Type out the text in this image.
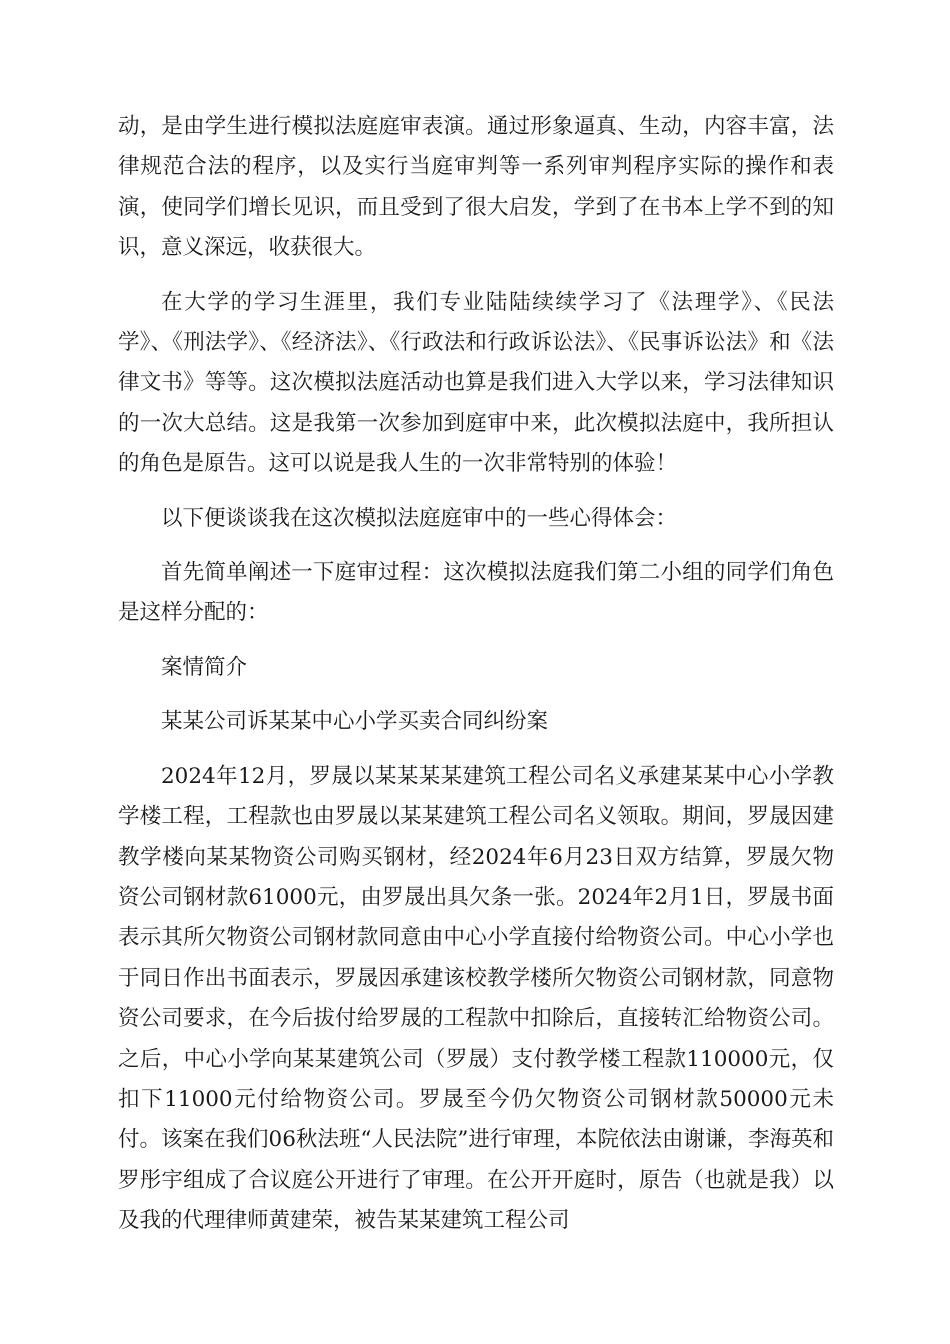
动，是由学生进行模拟法庭庭审表演。通过形象逼真、生动，内容丰富，法律规范合法的程序，以及实行当庭审判等一系列审判程序实际的操作和表演，使同学们增长见识，而且受到了很大启发，学到了在书本上学不到的知识，意义深远，收获很大。

在大学的学习生涯里，我们专业陆陆续续学习了《法理学》、《民法学》、《刑法学》、《经济法》、《行政法和行政诉讼法》、《民事诉讼法》和《法律文书》等等。这次模拟法庭活动也算是我们进入大学以来，学习法律知识的一次大总结。这是我第一次参加到庭审中来，此次模拟法庭中，我所担认的角色是原告。这可以说是我人生的一次非常特别的体验！

以下便谈谈我在这次模拟法庭庭审中的一些心得体会：

首先简单阐述一下庭审过程：这次模拟法庭我们第二小组的同学们角色是这样分配的：

案情简介

某某公司诉某某中心小学买卖合同纠纷案

2024年12月，罗晟以某某某某建筑工程公司名义承建某某中心小学教学楼工程，工程款也由罗晟以某某建筑工程公司名义领取。期间，罗晟因建教学楼向某某物资公司购买钢材，经2024年6月23日双方结算，罗晟欠物资公司钢材款61000元，由罗晟出具欠条一张。2024年2月1日，罗晟书面表示其所欠物资公司钢材款同意由中心小学直接付给物资公司。中心小学也于同日作出书面表示，罗晟因承建该校教学楼所欠物资公司钢材款，同意物资公司要求，在今后拔付给罗晟的工程款中扣除后，直接转汇给物资公司。之后，中心小学向某某建筑公司（罗晟）支付教学楼工程款110000元，仅扣下11000元付给物资公司。罗晟至今仍欠物资公司钢材款50000元未付。该案在我们06秋法班“人民法院”进行审理，本院依法由谢谦，李海英和罗彤宇组成了合议庭公开进行了审理。在公开开庭时，原告（也就是我）以及我的代理律师黄建荣，被告某某建筑工程公司
